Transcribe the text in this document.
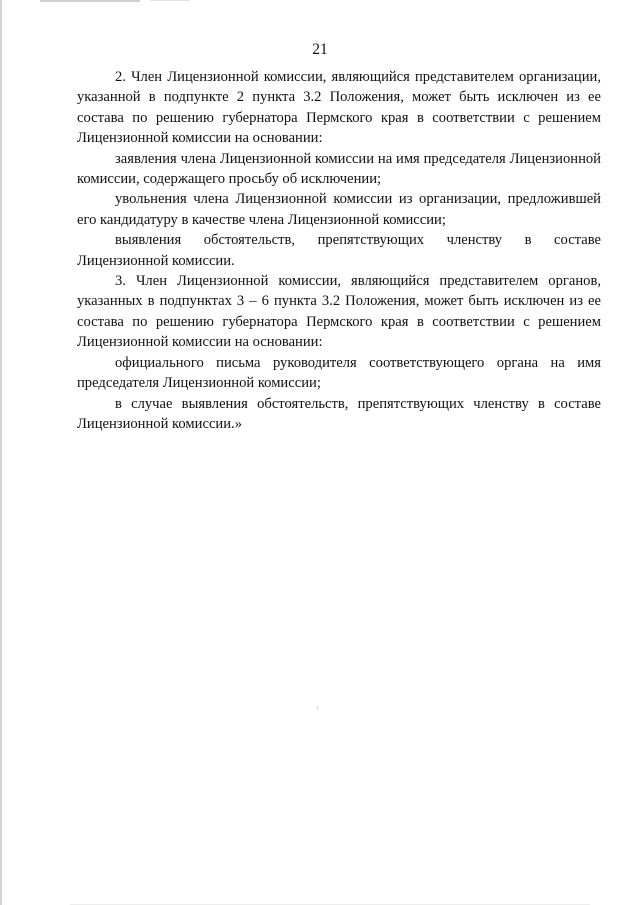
21

2. Член Лицензионной комиссии, являющийся представителем организации, указанной в подпункте 2 пункта 3.2 Положения, может быть исключен из ее состава по решению губернатора Пермского края в соответствии с решением Лицензионной комиссии на основании:

заявления члена Лицензионной комиссии на имя председателя Лицензионной комиссии, содержащего просьбу об исключении;

увольнения члена Лицензионной комиссии из организации, предложившей его кандидатуру в качестве члена Лицензионной комиссии;

выявления обстоятельств, препятствующих членству в составе Лицензионной комиссии.

3. Член Лицензионной комиссии, являющийся представителем органов, указанных в подпунктах 3 – 6 пункта 3.2 Положения, может быть исключен из ее состава по решению губернатора Пермского края в соответствии с решением Лицензионной комиссии на основании:

официального письма руководителя соответствующего органа на имя председателя Лицензионной комиссии;

в случае выявления обстоятельств, препятствующих членству в составе Лицензионной комиссии.»
